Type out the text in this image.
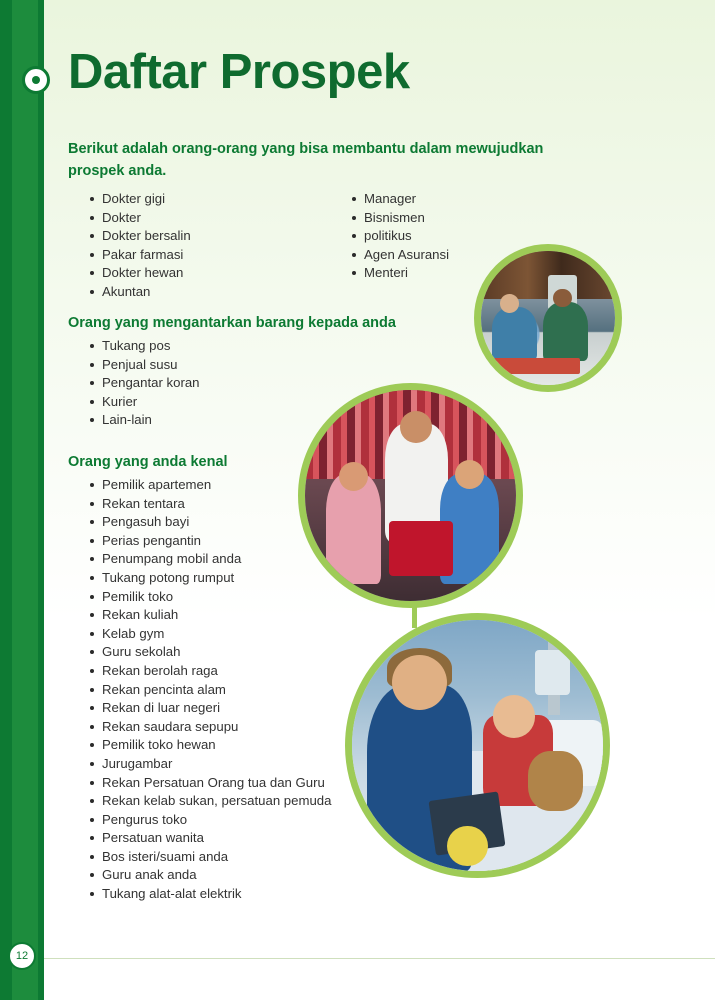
Daftar Prospek
Berikut adalah orang-orang yang bisa membantu dalam mewujudkan prospek anda.
Dokter gigi
Dokter
Dokter bersalin
Pakar farmasi
Dokter hewan
Akuntan
Manager
Bisnismen
politikus
Agen Asuransi
Menteri
Orang yang mengantarkan barang kepada anda
Tukang pos
Penjual susu
Pengantar koran
Kurier
Lain-lain
Orang yang anda kenal
Pemilik apartemen
Rekan tentara
Pengasuh bayi
Perias pengantin
Penumpang mobil anda
Tukang potong rumput
Pemilik toko
Rekan kuliah
Kelab gym
Guru sekolah
Rekan berolah raga
Rekan pencinta alam
Rekan di luar negeri
Rekan saudara sepupu
Pemilik toko hewan
Jurugambar
Rekan Persatuan Orang tua dan Guru
Rekan kelab sukan, persatuan pemuda
Pengurus toko
Persatuan wanita
Bos isteri/suami anda
Guru anak anda
Tukang alat-alat elektrik
12
